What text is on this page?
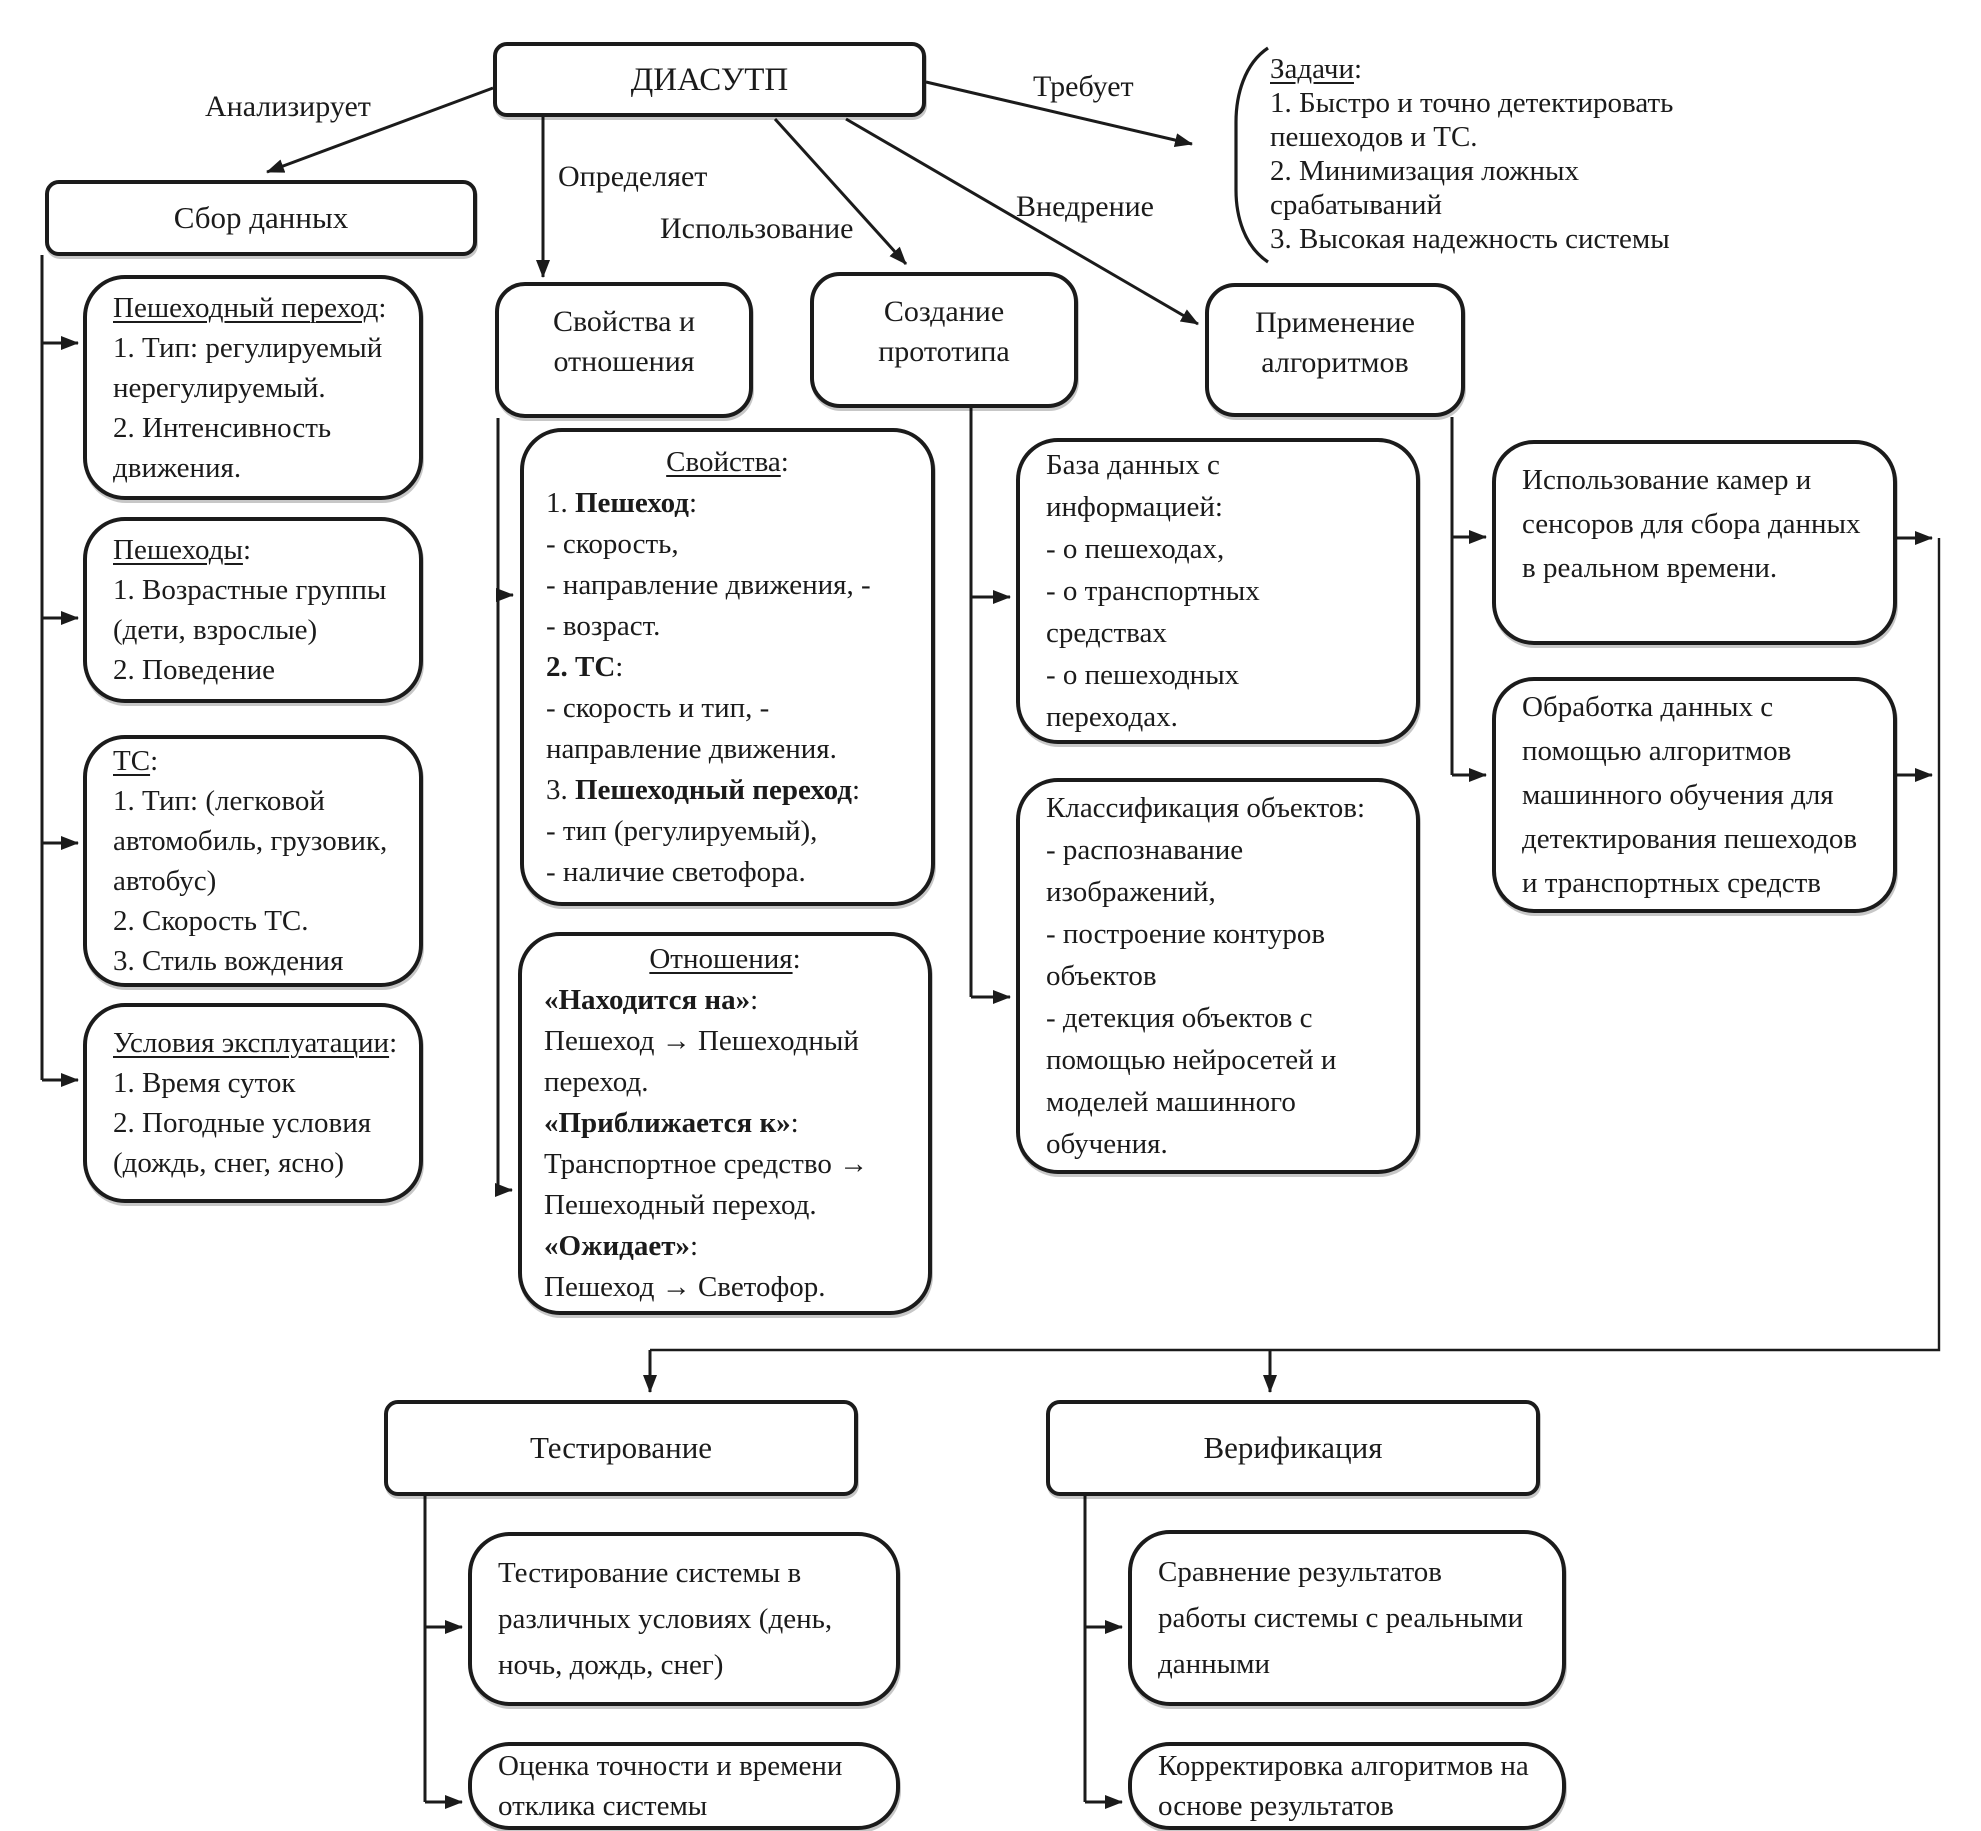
Анализирует
Определяет
Использование
Внедрение
Требует
Задачи:
1. Быстро и точно детектировать
пешеходов и ТС.
2. Минимизация ложных
срабатываний
3. Высокая надежность системы
ДИАСУТП
Сбор данных
Пешеходный переход:
1. Тип: регулируемый
нерегулируемый.
2. Интенсивность
движения.
Пешеходы:
1. Возрастные группы
(дети, взрослые)
2. Поведение
ТС:
1. Тип: (легковой
автомобиль, грузовик,
автобус)
2. Скорость ТС.
3. Стиль вождения
Условия эксплуатации:
1. Время суток
2. Погодные условия
(дождь, снег, ясно)
Свойства и
отношения
Свойства:
1. Пешеход:
- скорость,
- направление движения, -
- возраст.
2. ТС:
- скорость и тип, -
направление движения.
3. Пешеходный переход:
- тип (регулируемый),
- наличие светофора.
Отношения:
«Находится на»:
Пешеход → Пешеходный
переход.
«Приближается к»:
Транспортное средство →
Пешеходный переход.
«Ожидает»:
Пешеход → Светофор.
Создание
прототипа
База данных с
информацией:
- о пешеходах,
- о транспортных
средствах
- о пешеходных
переходах.
Классификация объектов:
- распознавание
изображений,
- построение контуров
объектов
- детекция объектов с
помощью нейросетей и
моделей машинного
обучения.
Применение
алгоритмов
Использование камер и
сенсоров для сбора данных
в реальном времени.
Обработка данных с
помощью алгоритмов
машинного обучения для
детектирования пешеходов
и транспортных средств
Тестирование
Тестирование системы в
различных условиях (день,
ночь, дождь, снег)
Оценка точности и времени
отклика системы
Верификация
Сравнение результатов
работы системы с реальными
данными
Корректировка алгоритмов на
основе результатов
